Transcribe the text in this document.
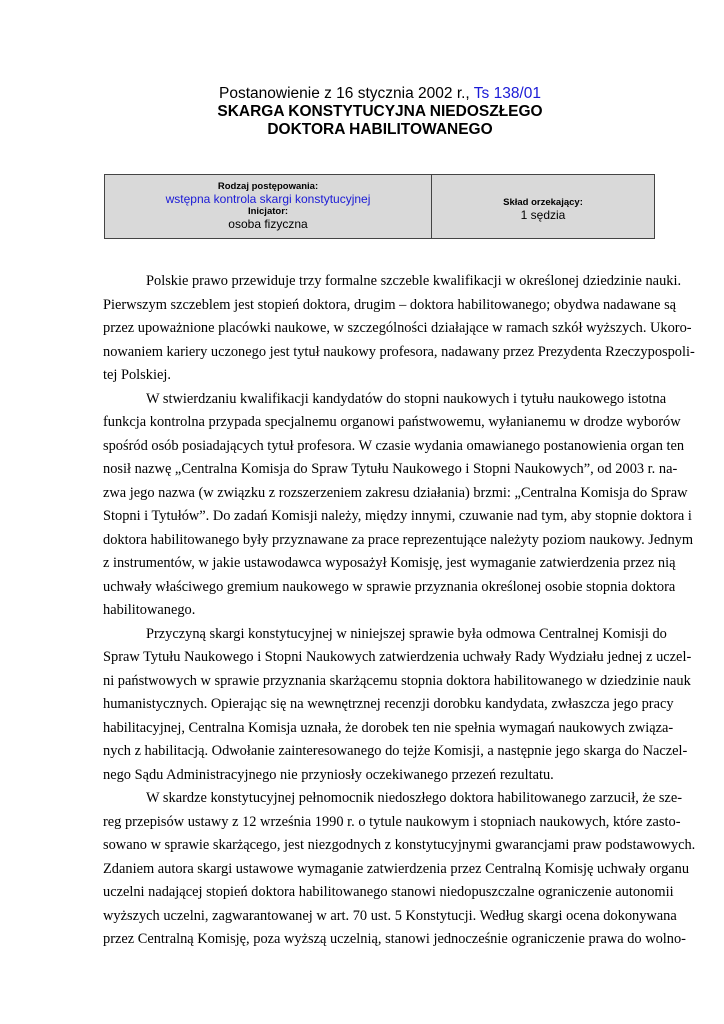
Postanowienie z 16 stycznia 2002 r., Ts 138/01
SKARGA KONSTYTUCYJNA NIEDOSZŁEGO
DOKTORA HABILITOWANEGO
Rodzaj postępowania:
wstępna kontrola skargi konstytucyjnej
Inicjator:
osoba fizyczna
Skład orzekający:
1 sędzia
Polskie prawo przewiduje trzy formalne szczeble kwalifikacji w określonej dziedzinie nauki.
Pierwszym szczeblem jest stopień doktora, drugim – doktora habilitowanego; obydwa nadawane są
przez upoważnione placówki naukowe, w szczególności działające w ramach szkół wyższych. Ukoro-
nowaniem kariery uczonego jest tytuł naukowy profesora, nadawany przez Prezydenta Rzeczypospoli-
tej Polskiej.
W stwierdzaniu kwalifikacji kandydatów do stopni naukowych i tytułu naukowego istotna
funkcja kontrolna przypada specjalnemu organowi państwowemu, wyłanianemu w drodze wyborów
spośród osób posiadających tytuł profesora. W czasie wydania omawianego postanowienia organ ten
nosił nazwę „Centralna Komisja do Spraw Tytułu Naukowego i Stopni Naukowych”, od 2003 r. na-
zwa jego nazwa (w związku z rozszerzeniem zakresu działania) brzmi: „Centralna Komisja do Spraw
Stopni i Tytułów”. Do zadań Komisji należy, między innymi, czuwanie nad tym, aby stopnie doktora i
doktora habilitowanego były przyznawane za prace reprezentujące należyty poziom naukowy. Jednym
z instrumentów, w jakie ustawodawca wyposażył Komisję, jest wymaganie zatwierdzenia przez nią
uchwały właściwego gremium naukowego w sprawie przyznania określonej osobie stopnia doktora
habilitowanego.
Przyczyną skargi konstytucyjnej w niniejszej sprawie była odmowa Centralnej Komisji do
Spraw Tytułu Naukowego i Stopni Naukowych zatwierdzenia uchwały Rady Wydziału jednej z uczel-
ni państwowych w sprawie przyznania skarżącemu stopnia doktora habilitowanego w dziedzinie nauk
humanistycznych. Opierając się na wewnętrznej recenzji dorobku kandydata, zwłaszcza jego pracy
habilitacyjnej, Centralna Komisja uznała, że dorobek ten nie spełnia wymagań naukowych związa-
nych z habilitacją. Odwołanie zainteresowanego do tejże Komisji, a następnie jego skarga do Naczel-
nego Sądu Administracyjnego nie przyniosły oczekiwanego przezeń rezultatu.
W skardze konstytucyjnej pełnomocnik niedoszłego doktora habilitowanego zarzucił, że sze-
reg przepisów ustawy z 12 września 1990 r. o tytule naukowym i stopniach naukowych, które zasto-
sowano w sprawie skarżącego, jest niezgodnych z konstytucyjnymi gwarancjami praw podstawowych.
Zdaniem autora skargi ustawowe wymaganie zatwierdzenia przez Centralną Komisję uchwały organu
uczelni nadającej stopień doktora habilitowanego stanowi niedopuszczalne ograniczenie autonomii
wyższych uczelni, zagwarantowanej w art. 70 ust. 5 Konstytucji. Według skargi ocena dokonywana
przez Centralną Komisję, poza wyższą uczelnią, stanowi jednocześnie ograniczenie prawa do wolno-
